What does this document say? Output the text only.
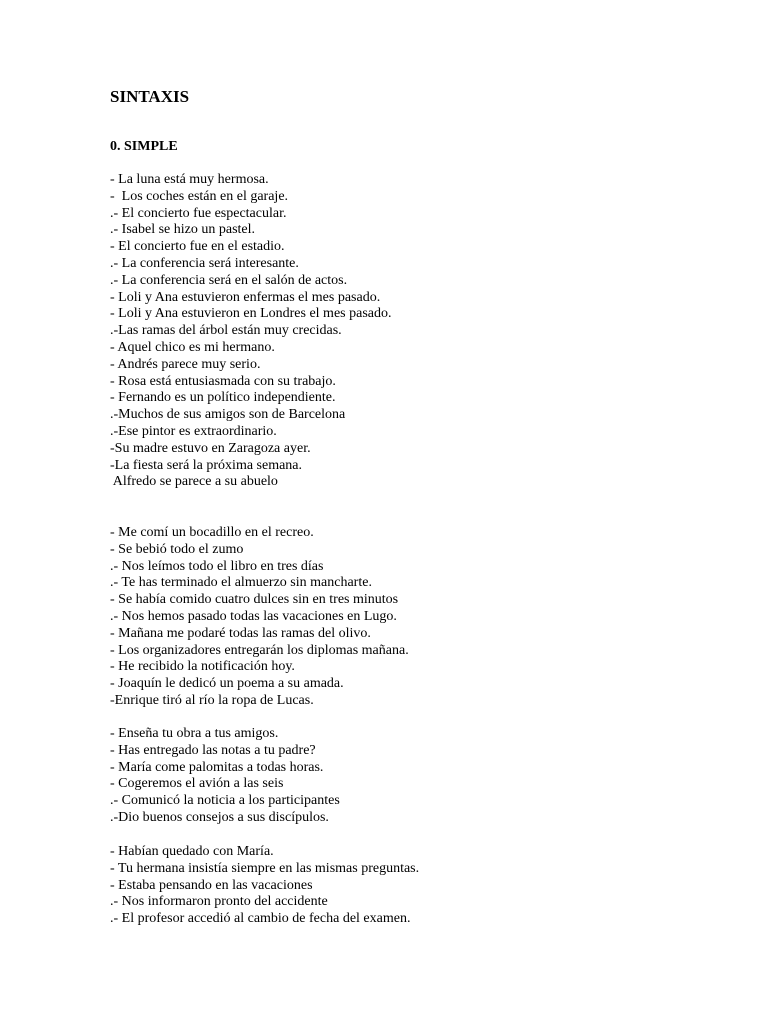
SINTAXIS
0. SIMPLE
- La luna está muy hermosa.
-  Los coches están en el garaje.
.- El concierto fue espectacular.
.- Isabel se hizo un pastel.
- El concierto fue en el estadio.
.- La conferencia será interesante.
.- La conferencia será en el salón de actos.
- Loli y Ana estuvieron enfermas el mes pasado.
- Loli y Ana estuvieron en Londres el mes pasado.
.-Las ramas del árbol están muy crecidas.
- Aquel chico es mi hermano.
- Andrés parece muy serio.
- Rosa está entusiasmada con su trabajo.
- Fernando es un político independiente.
.-Muchos de sus amigos son de Barcelona
.-Ese pintor es extraordinario.
-Su madre estuvo en Zaragoza ayer.
-La fiesta será la próxima semana.
Alfredo se parece a su abuelo
- Me comí un bocadillo en el recreo.
- Se bebió todo el zumo
.- Nos leímos todo el libro en tres días
.- Te has terminado el almuerzo sin mancharte.
- Se había comido cuatro dulces sin en tres minutos
.- Nos hemos pasado todas las vacaciones en Lugo.
- Mañana me podaré todas las ramas del olivo.
- Los organizadores entregarán los diplomas mañana.
- He recibido la notificación hoy.
- Joaquín le dedicó un poema a su amada.
-Enrique tiró al río la ropa de Lucas.
- Enseña tu obra a tus amigos.
- Has entregado las notas a tu padre?
- María come palomitas a todas horas.
- Cogeremos el avión a las seis
.- Comunicó la noticia a los participantes
.-Dio buenos consejos a sus discípulos.
- Habían quedado con María.
- Tu hermana insistía siempre en las mismas preguntas.
- Estaba pensando en las vacaciones
.- Nos informaron pronto del accidente
.- El profesor accedió al cambio de fecha del examen.
